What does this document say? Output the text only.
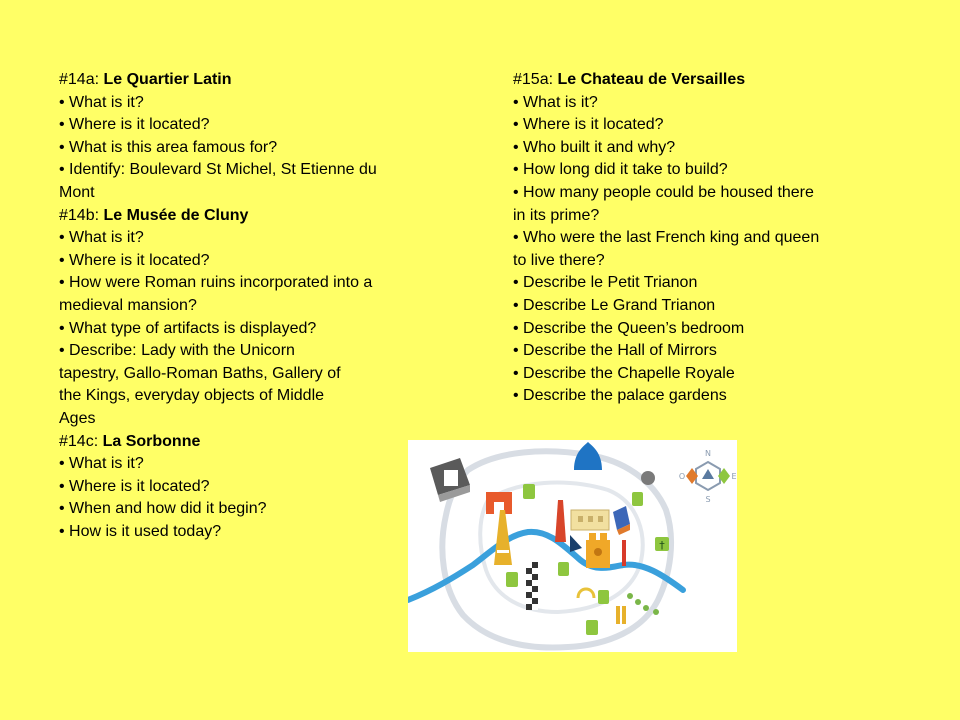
#14a: Le Quartier Latin
• What is it?
• Where is it located?
• What is this area famous for?
• Identify: Boulevard St Michel, St Etienne du Mont
#14b: Le Musée de Cluny
• What is it?
• Where is it located?
• How were Roman ruins incorporated into a medieval mansion?
• What type of artifacts is displayed?
• Describe: Lady with the Unicorn tapestry, Gallo-Roman Baths, Gallery of the Kings, everyday objects of Middle Ages
#14c: La Sorbonne
• What is it?
• Where is it located?
• When and how did it begin?
• How is it used today?
#15a: Le Chateau de Versailles
• What is it?
• Where is it located?
• Who built it and why?
• How long did it take to build?
• How many people could be housed there in its prime?
• Who were the last French king and queen to live there?
• Describe le Petit Trianon
• Describe Le Grand Trianon
• Describe the Queen’s bedroom
• Describe the Hall of Mirrors
• Describe the Chapelle Royale
• Describe the palace gardens
†
N
S
O	E
